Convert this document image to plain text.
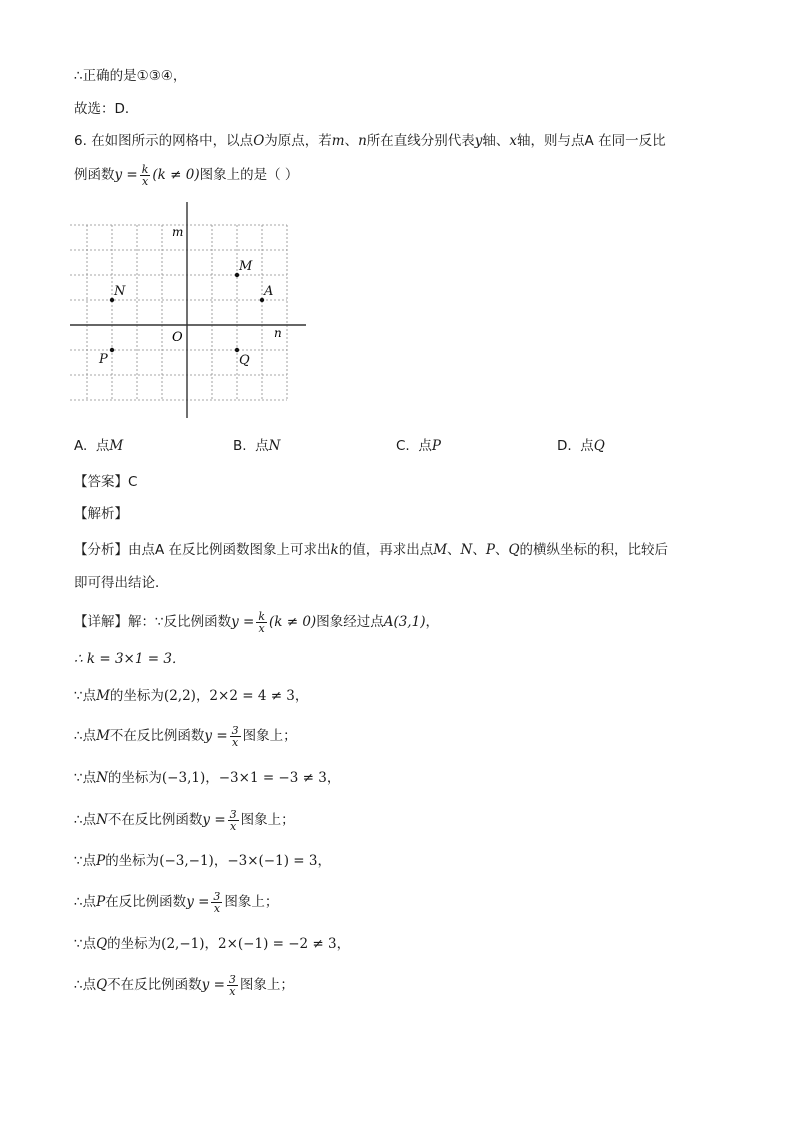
∴正确的是①③④，
故选：D．
6. 在如图所示的网格中，以点O为原点，若m、n所在直线分别代表y轴、x轴，则与点A 在同一反比
例函数$y = \frac{k}{x} (k \ne 0)$图象上的是（ ）
m
n
O
M
A
N
P	Q
A. 点M	B. 点N	C. 点P	D. 点Q
【答案】C
【解析】
【分析】由点A 在反比例函数图象上可求出k的值，再求出点M、N、P、Q的横纵坐标的积，比较后
即可得出结论．
【详解】解：∵反比例函数$y = \frac{k}{x} (k \ne 0)$图象经过点A(3,1)，
∴ k = 3×1 = 3．
∵点M的坐标为(2,2)，2×2 = 4 ≠ 3，
∴点M不在反比例函数$y = \frac{3}{x}$ 图象上；
∵点N的坐标为(−3,1)，−3×1 = −3 ≠ 3，
∴点N不在反比例函数$y = \frac{3}{x}$ 图象上；
∵点P的坐标为(−3,−1)，−3×(−1) = 3，
∴点P在反比例函数$y = \frac{3}{x}$ 图象上；
∵点Q的坐标为(2,−1)，2×(−1) = −2 ≠ 3，
∴点Q不在反比例函数$y = \frac{3}{x}$ 图象上；
